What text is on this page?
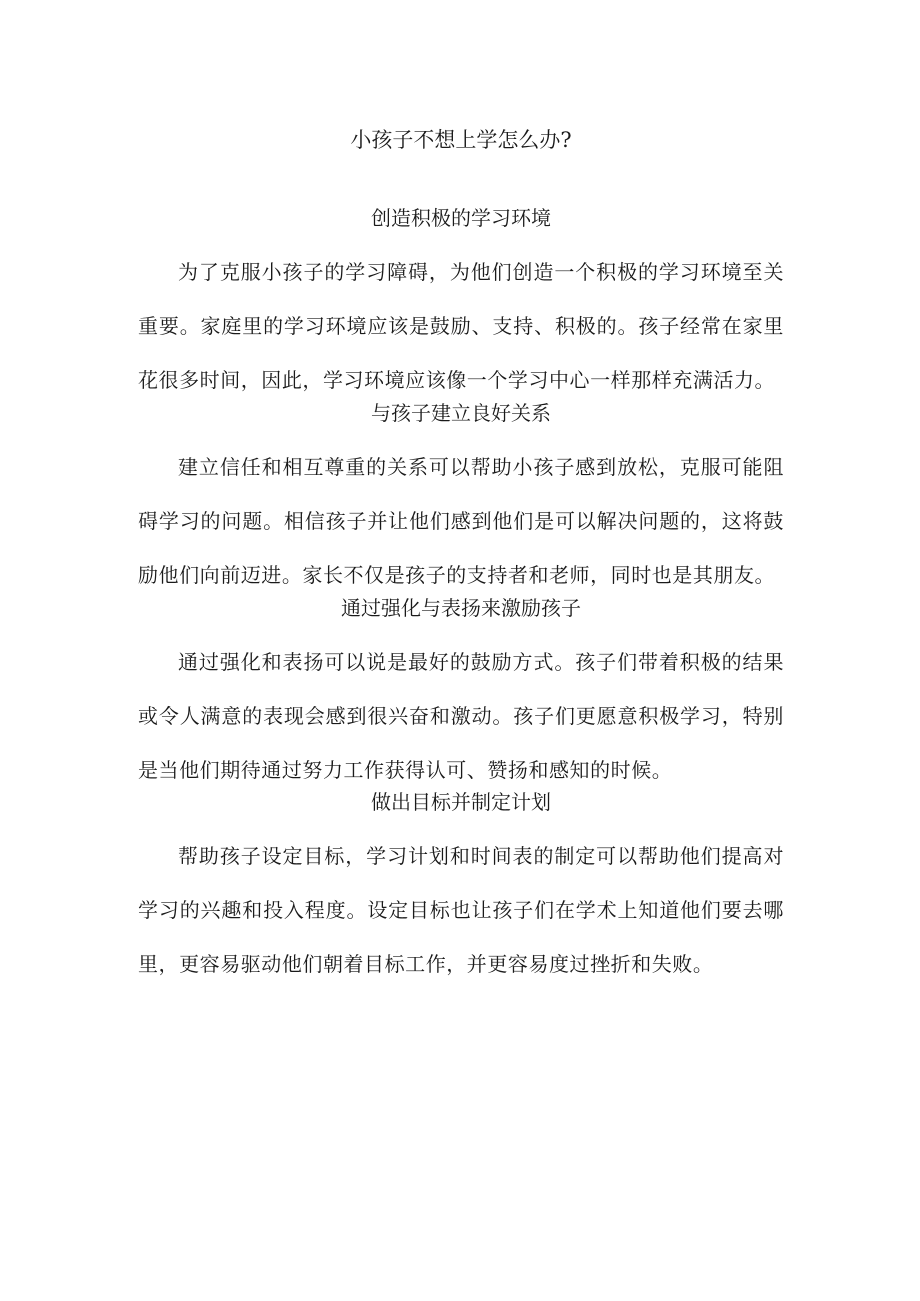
小孩子不想上学怎么办?
创造积极的学习环境

为了克服小孩子的学习障碍，为他们创造一个积极的学习环境至关重要。家庭里的学习环境应该是鼓励、支持、积极的。孩子经常在家里花很多时间，因此，学习环境应该像一个学习中心一样那样充满活力。

与孩子建立良好关系

建立信任和相互尊重的关系可以帮助小孩子感到放松，克服可能阻碍学习的问题。相信孩子并让他们感到他们是可以解决问题的，这将鼓励他们向前迈进。家长不仅是孩子的支持者和老师，同时也是其朋友。

通过强化与表扬来激励孩子

通过强化和表扬可以说是最好的鼓励方式。孩子们带着积极的结果或令人满意的表现会感到很兴奋和激动。孩子们更愿意积极学习，特别是当他们期待通过努力工作获得认可、赞扬和感知的时候。

做出目标并制定计划

帮助孩子设定目标，学习计划和时间表的制定可以帮助他们提高对学习的兴趣和投入程度。设定目标也让孩子们在学术上知道他们要去哪里，更容易驱动他们朝着目标工作，并更容易度过挫折和失败。
